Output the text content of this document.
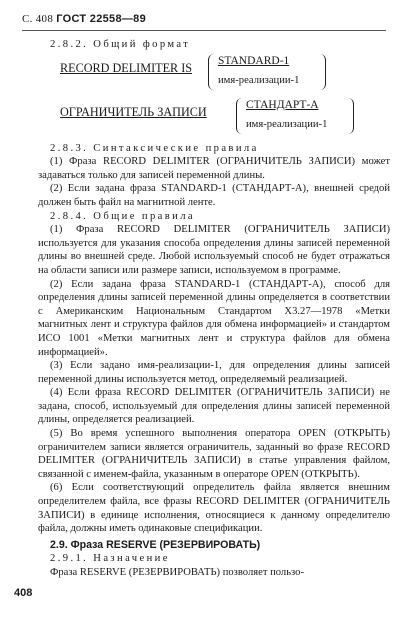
С. 408 ГОСТ 22558—89

2.8.2. Общий формат

RECORD DELIMITER IS STANDARD-1
имя-реализации-1
ОГРАНИЧИТЕЛЬ ЗАПИСИ	СТАНДАРТ-А
имя-реализации-1

2.8.3. Синтаксические правила

(1) Фраза RECORD DELIMITER (ОГРАНИЧИТЕЛЬ ЗАПИСИ) может задаваться только для записей переменной длины.

(2) Если задана фраза STANDARD-1 (СТАНДАРТ-А), внешней средой должен быть файл на магнитной ленте.

2.8.4. Общие правила

(1) Фраза RECORD DELIMITER (ОГРАНИЧИТЕЛЬ ЗАПИСИ) используется для указания способа определения длины записей переменной длины во внешней среде. Любой используемый способ не будет отражаться на области записи или размере записи, используемом в программе.

(2) Если задана фраза STANDARD-1 (СТАНДАРТ-А), способ для определения длины записей переменной длины определяется в соответствии с Американским Национальным Стандартом X3.27—1978 «Метки магнитных лент и структура файлов для обмена информацией» и стандартом ИСО 1001 «Метки магнитных лент и структура файлов для обмена информацией».

(3) Если задано имя-реализации-1, для определения длины записей переменной длины используется метод, определяемый реализацией.

(4) Если фраза RECORD DELIMITER (ОГРАНИЧИТЕЛЬ ЗАПИСИ) не задана, способ, используемый для определения длины записей переменной длины, определяется реализацией.

(5) Во время успешного выполнения оператора OPEN (ОТКРЫТЬ) ограничителем записи является ограничитель, заданный во фразе RECORD DELIMITER (ОГРАНИЧИТЕЛЬ ЗАПИСИ) в статье управления файлом, связанной с именем-файла, указанным в операторе OPEN (ОТКРЫТЬ).

(6) Если соответствующий определитель файла является внешним определителем файла, все фразы RECORD DELIMITER (ОГРАНИЧИТЕЛЬ ЗАПИСИ) в единице исполнения, относящиеся к данному определителю файла, должны иметь одинаковые спецификации.

2.9. Фраза RESERVE (РЕЗЕРВИРОВАТЬ)

2.9.1. Назначение

Фраза RESERVE (РЕЗЕРВИРОВАТЬ) позволяет пользо-

408
